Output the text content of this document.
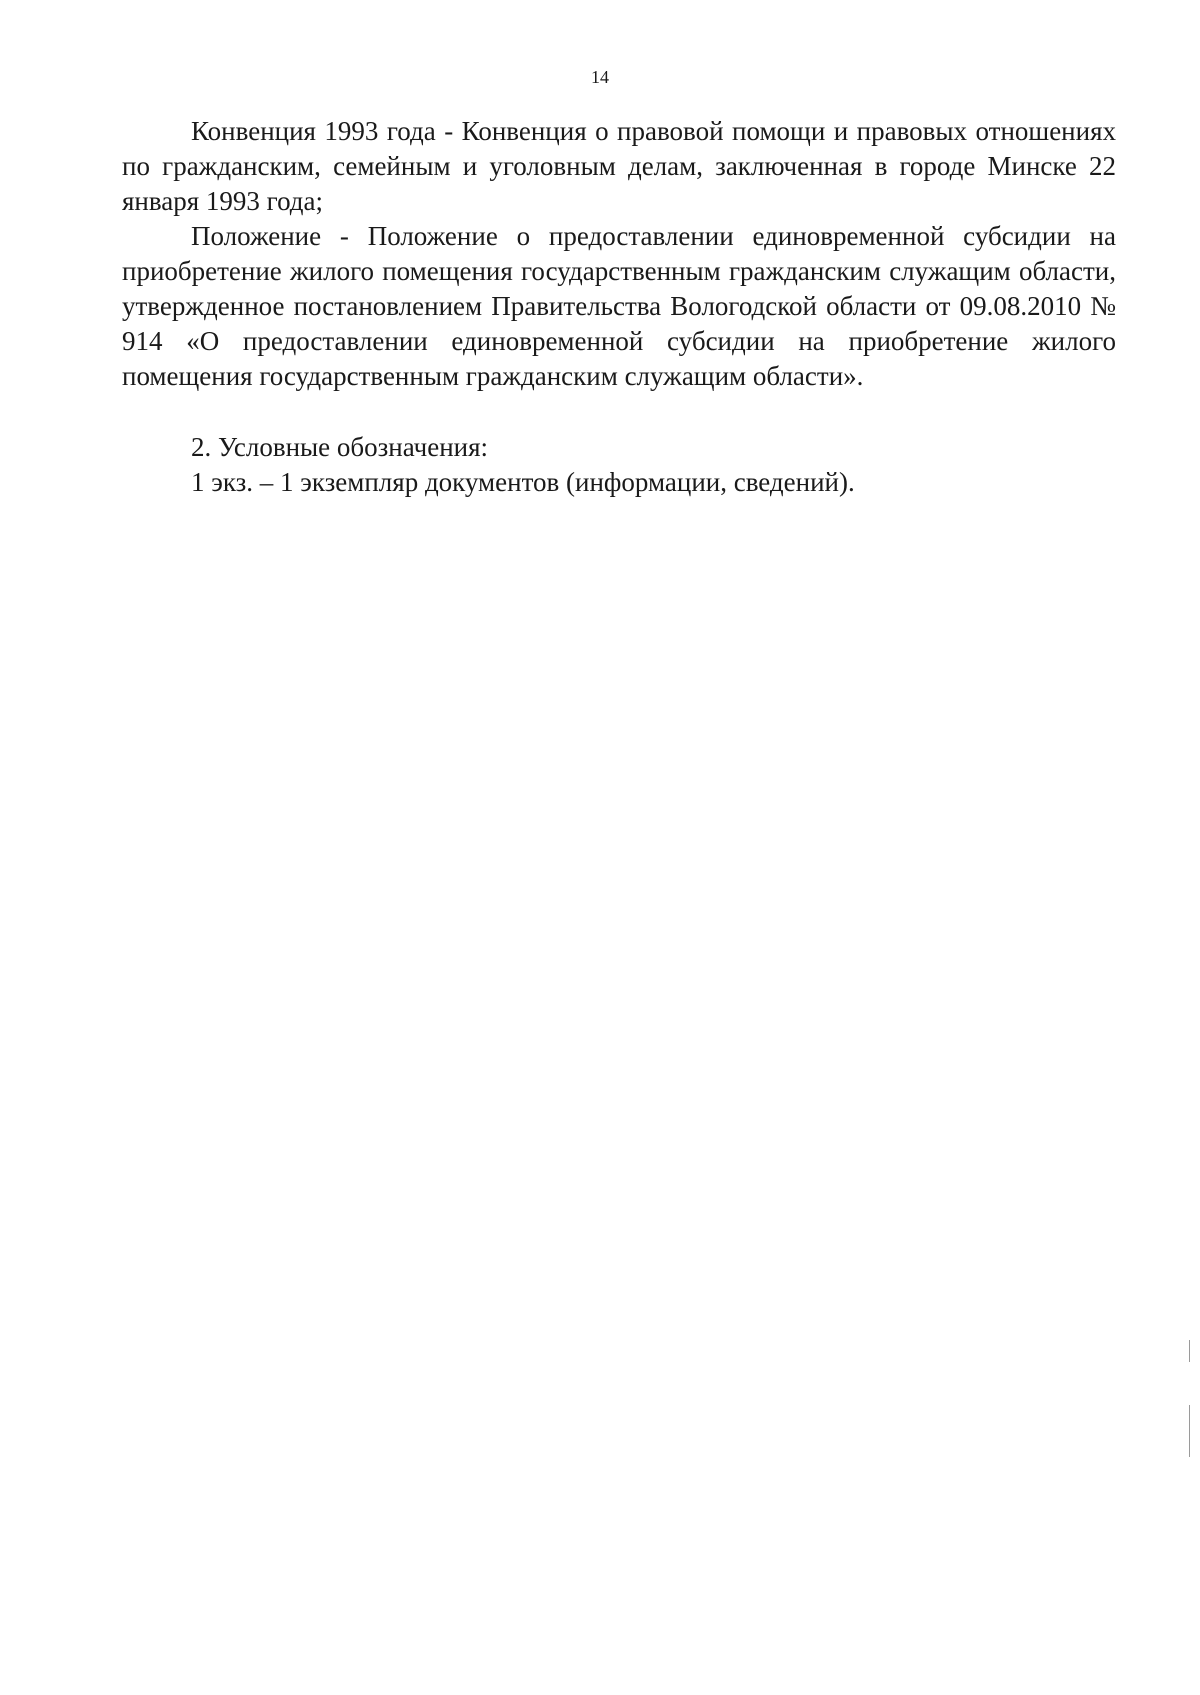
14

Конвенция 1993 года - Конвенция о правовой помощи и правовых отношениях по гражданским, семейным и уголовным делам, заключенная в городе Минске 22 января 1993 года;

Положение - Положение о предоставлении единовременной субсидии на приобретение жилого помещения государственным гражданским служащим области, утвержденное постановлением Правительства Вологодской области от 09.08.2010 № 914 «О предоставлении единовременной субсидии на приобретение жилого помещения государственным гражданским служащим области».

2. Условные обозначения:

1 экз. – 1 экземпляр документов (информации, сведений).
